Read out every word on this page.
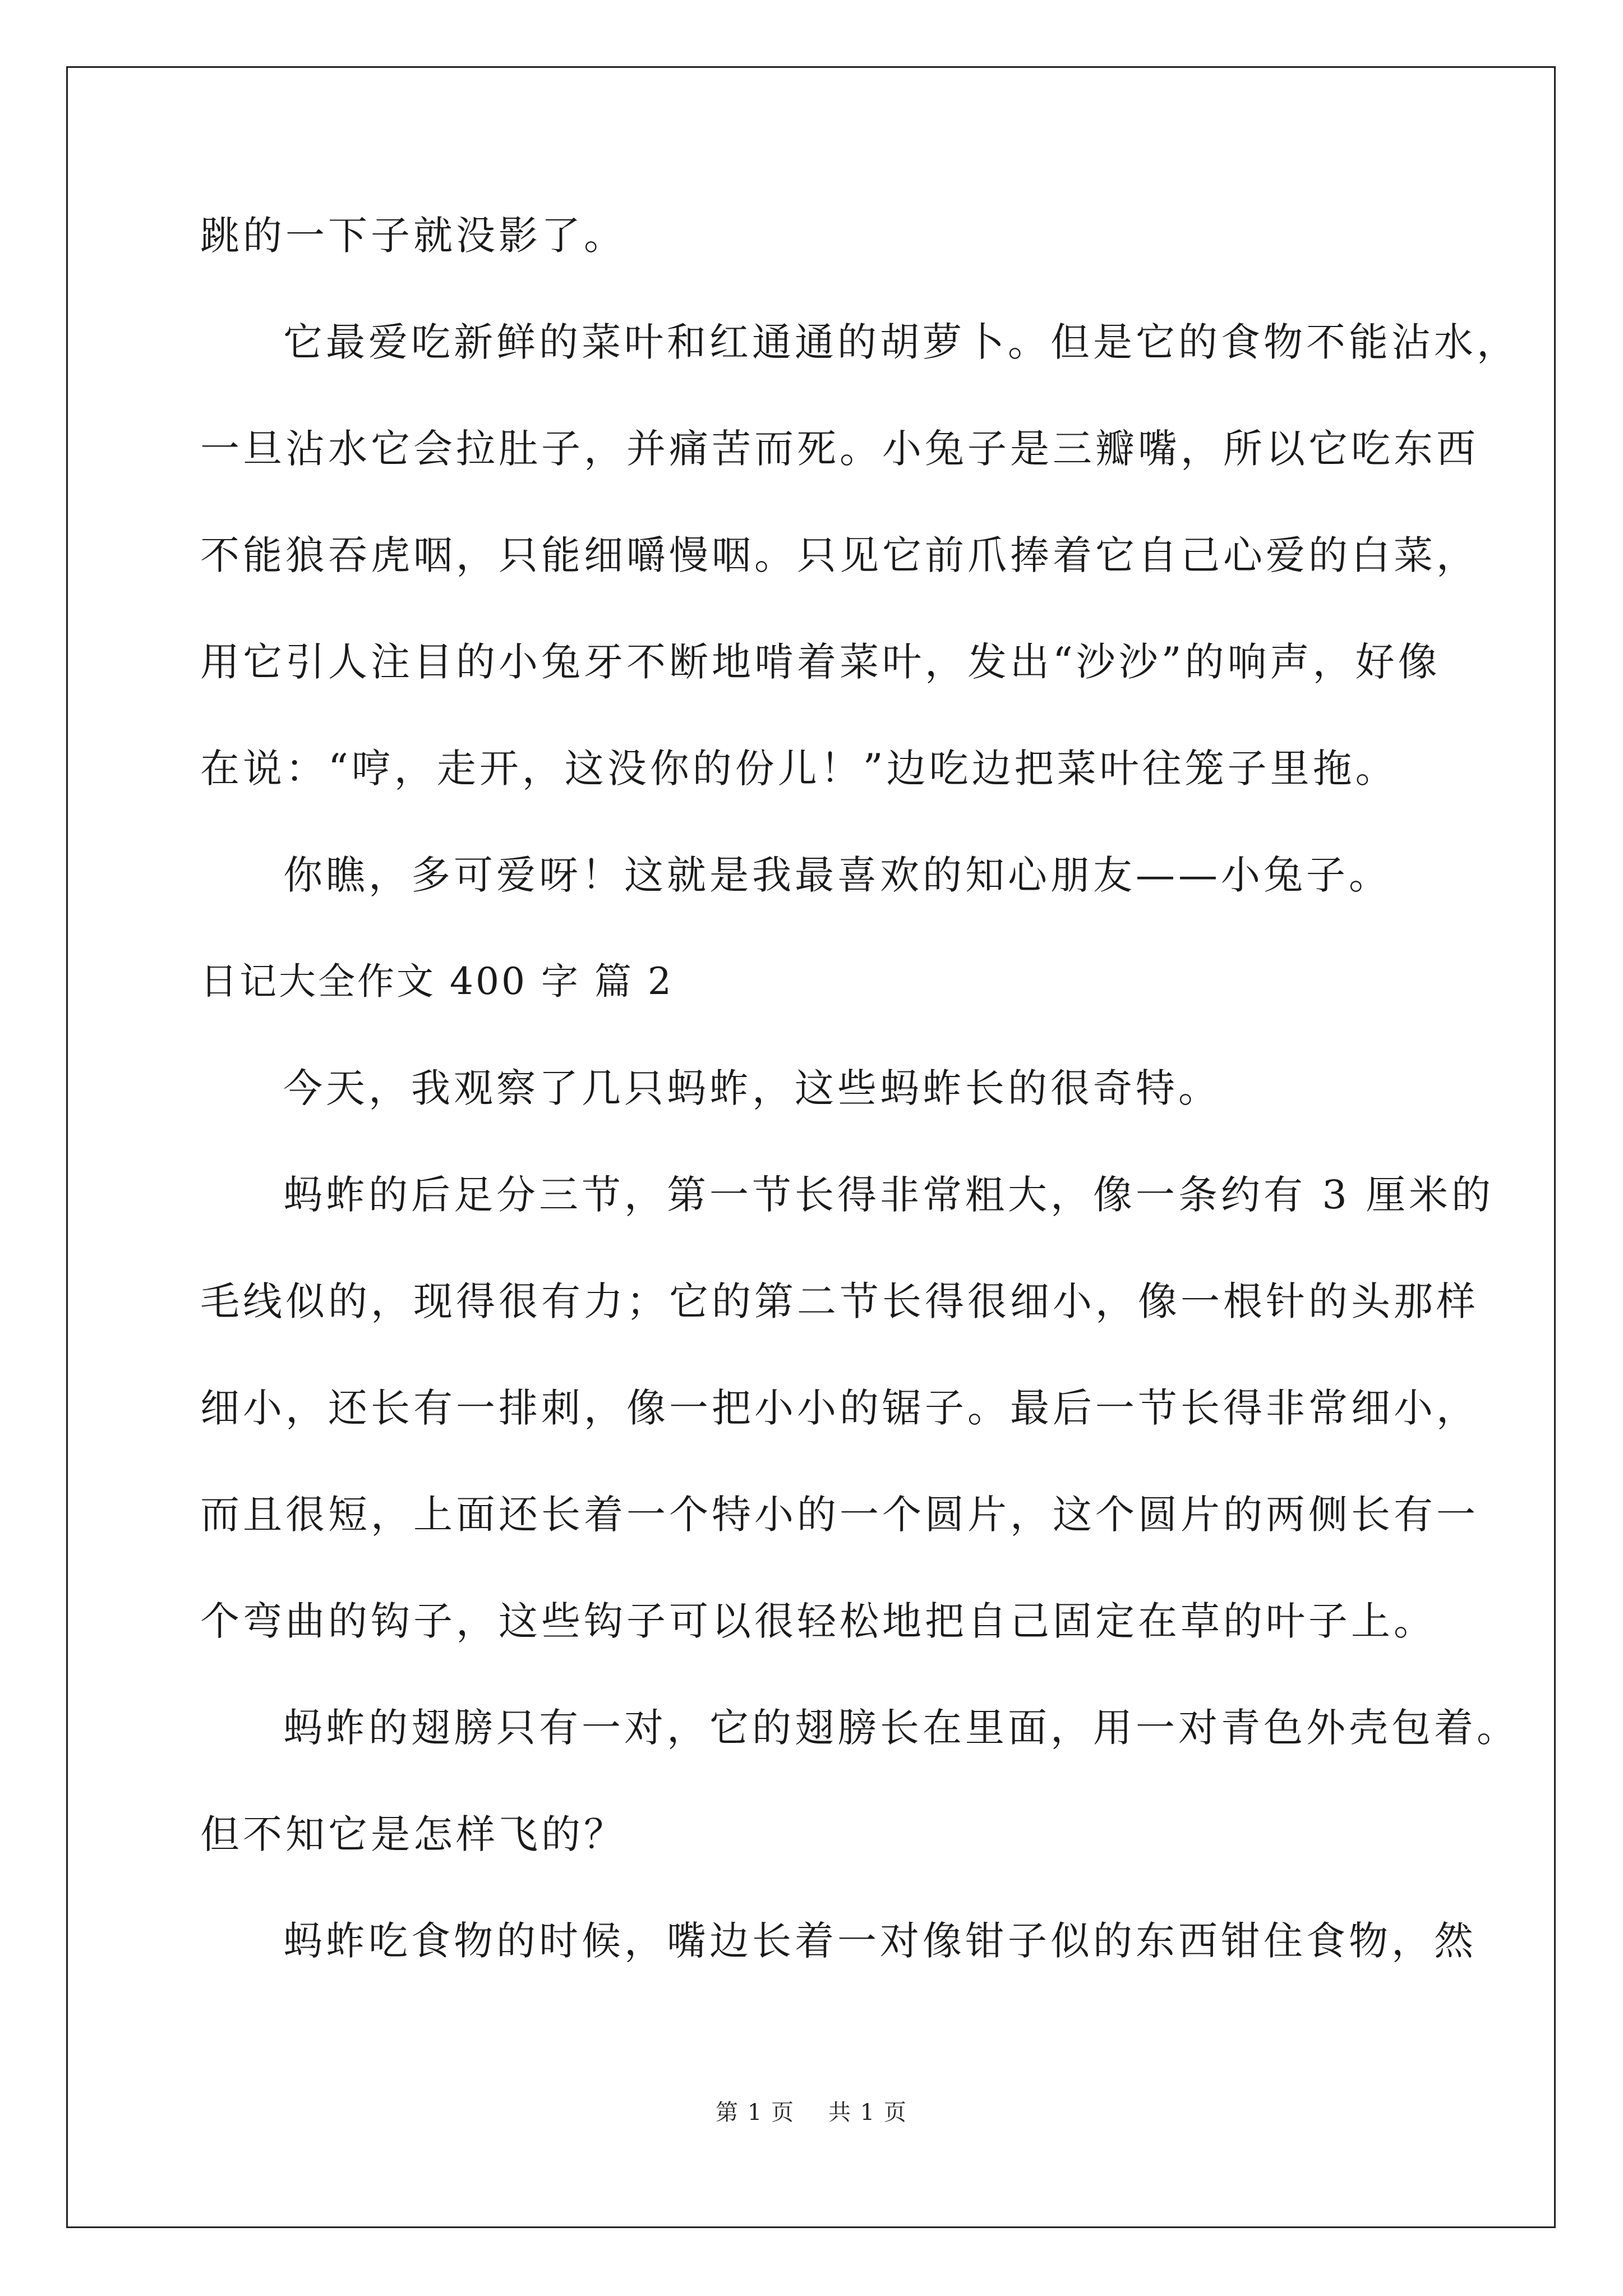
跳的一下子就没影了。
它最爱吃新鲜的菜叶和红通通的胡萝卜。但是它的食物不能沾水，
一旦沾水它会拉肚子，并痛苦而死。小兔子是三瓣嘴，所以它吃东西
不能狼吞虎咽，只能细嚼慢咽。只见它前爪捧着它自己心爱的白菜，
用它引人注目的小兔牙不断地啃着菜叶，发出“沙沙”的响声，好像
在说：“哼，走开，这没你的份儿！”边吃边把菜叶往笼子里拖。
你瞧，多可爱呀！这就是我最喜欢的知心朋友——小兔子。
日记大全作文 400 字 篇 2
今天，我观察了几只蚂蚱，这些蚂蚱长的很奇特。
蚂蚱的后足分三节，第一节长得非常粗大，像一条约有 3 厘米的
毛线似的，现得很有力；它的第二节长得很细小，像一根针的头那样
细小，还长有一排刺，像一把小小的锯子。最后一节长得非常细小，
而且很短，上面还长着一个特小的一个圆片，这个圆片的两侧长有一
个弯曲的钩子，这些钩子可以很轻松地把自己固定在草的叶子上。
蚂蚱的翅膀只有一对，它的翅膀长在里面，用一对青色外壳包着。
但不知它是怎样飞的？
蚂蚱吃食物的时候，嘴边长着一对像钳子似的东西钳住食物，然
第 1 页 共 1 页
